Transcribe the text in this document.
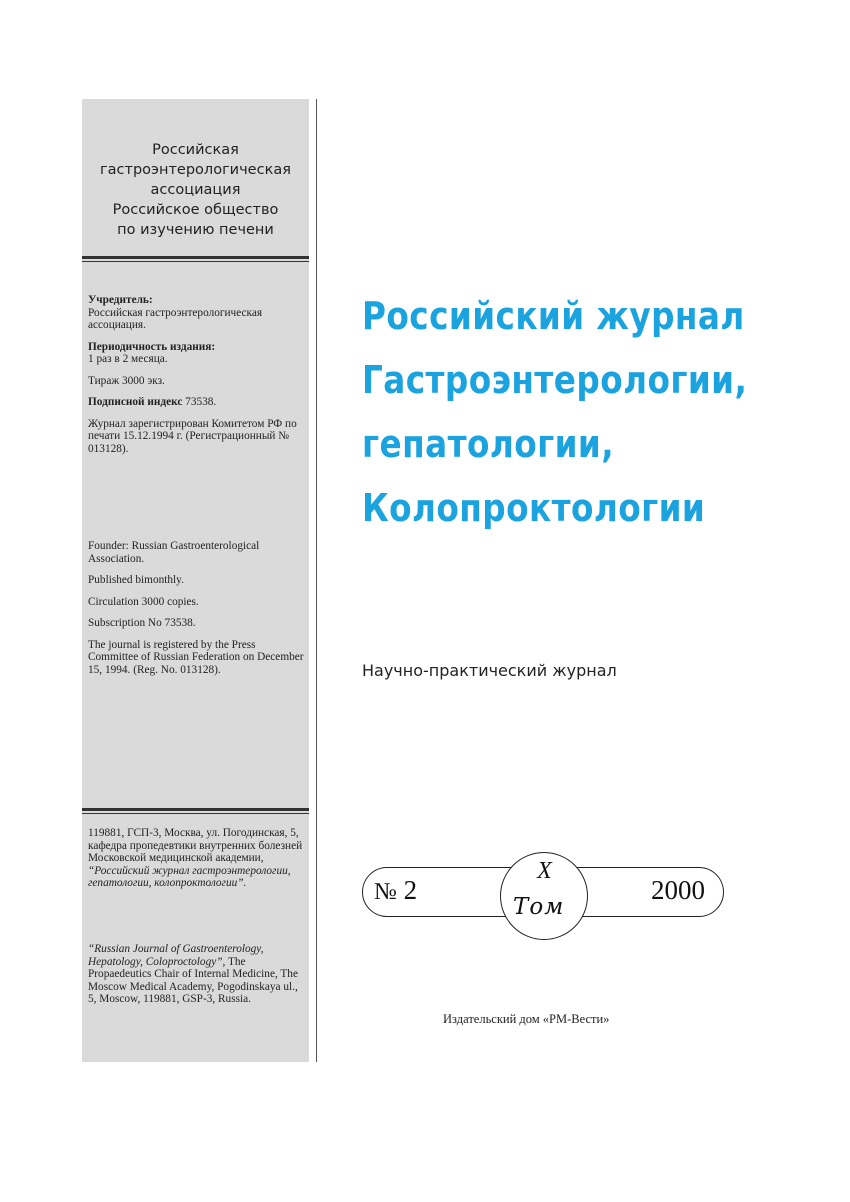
Российская
гастроэнтерологическая
ассоциация
Российское общество
по изучению печени

Учредитель:
Российская гастроэнтерологическая ассоциация.

Периодичность издания:
1 раз в 2 месяца.

Тираж 3000 экз.

Подписной индекс 73538.

Журнал зарегистрирован Комитетом РФ по печати 15.12.1994 г. (Регистрационный № 013128).

Founder: Russian Gastroenterological Association.

Published bimonthly.

Circulation 3000 copies.

Subscription No 73538.

The journal is registered by the Press Committee of Russian Federation on December 15, 1994. (Reg. No. 013128).

119881, ГСП-3, Москва, ул. Погодинская, 5, кафедра пропедевтики внутренних болезней Московской медицинской академии, “Российский журнал гастроэнтерологии, гепатологии, колопроктологии”.

“Russian Journal of Gastroenterology, Hepatology, Coloproctology”, The Propaedeutics Chair of Internal Medicine, The Moscow Medical Academy, Pogodinskaya ul., 5, Moscow, 119881, GSP-3, Russia.

Российский журнал
Гастроэнтерологии,
гепатологии,
Колопроктологии
Научно-практический журнал
№ 2	2000
X
Том
Издательский дом «РМ-Вести»
